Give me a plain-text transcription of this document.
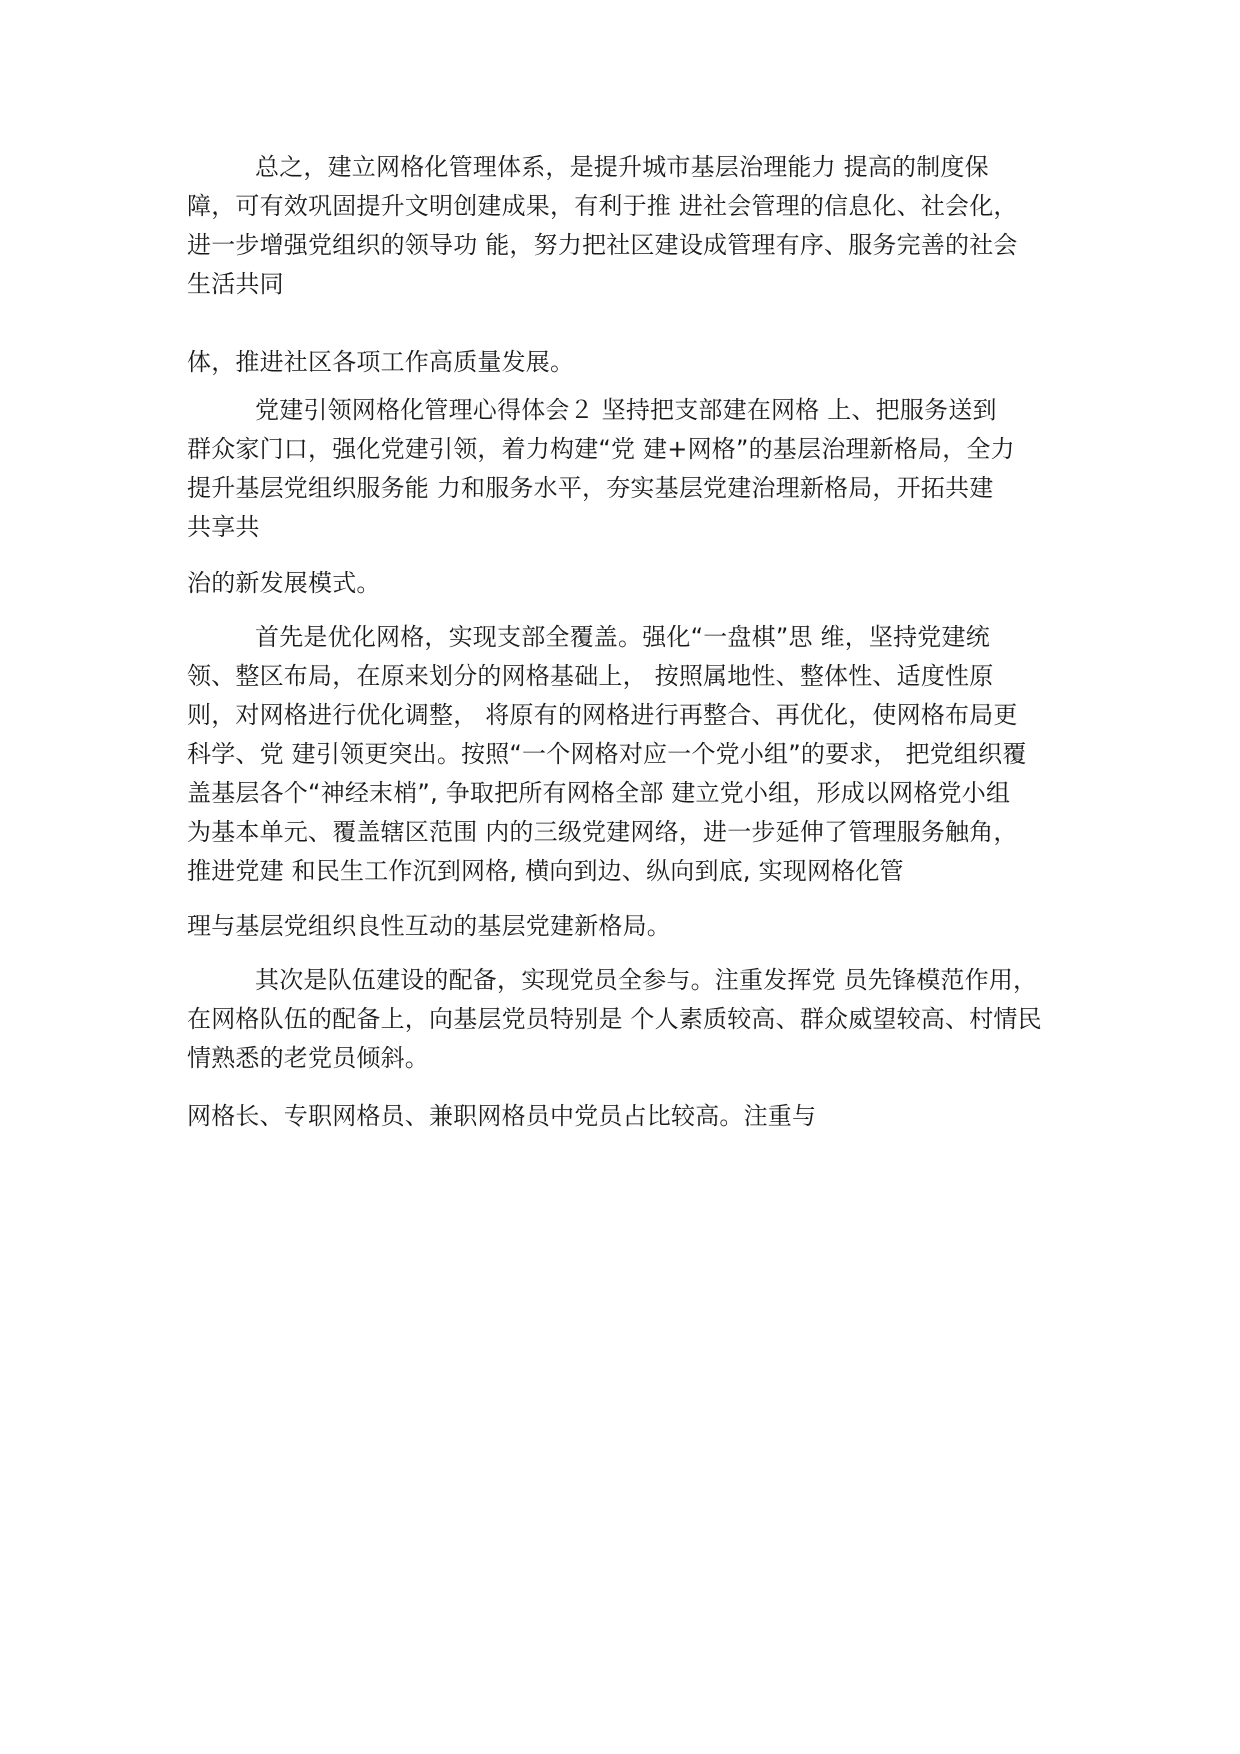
总之，建立网格化管理体系，是提升城市基层治理能力 提高的制度保
障，可有效巩固提升文明创建成果，有利于推 进社会管理的信息化、社会化，
进一步增强党组织的领导功 能，努力把社区建设成管理有序、服务完善的社会
生活共同
体，推进社区各项工作高质量发展。
党建引领网格化管理心得体会２ 坚持把支部建在网格 上、把服务送到
群众家门口，强化党建引领，着力构建“党 建+网格”的基层治理新格局，全力
提升基层党组织服务能 力和服务水平，夯实基层党建治理新格局，开拓共建
共享共
治的新发展模式。
首先是优化网格，实现支部全覆盖。强化“一盘棋”思 维，坚持党建统
领、整区布局，在原来划分的网格基础上， 按照属地性、整体性、适度性原
则，对网格进行优化调整， 将原有的网格进行再整合、再优化，使网格布局更
科学、党 建引领更突出。按照“一个网格对应一个党小组”的要求， 把党组织覆
盖基层各个“神经末梢”, 争取把所有网格全部 建立党小组，形成以网格党小组
为基本单元、覆盖辖区范围 内的三级党建网络，进一步延伸了管理服务触角，
推进党建 和民生工作沉到网格, 横向到边、纵向到底, 实现网格化管
理与基层党组织良性互动的基层党建新格局。
其次是队伍建设的配备，实现党员全参与。注重发挥党 员先锋模范作用，
在网格队伍的配备上，向基层党员特别是 个人素质较高、群众威望较高、村情民
情熟悉的老党员倾斜。
网格长、专职网格员、兼职网格员中党员占比较高。注重与
